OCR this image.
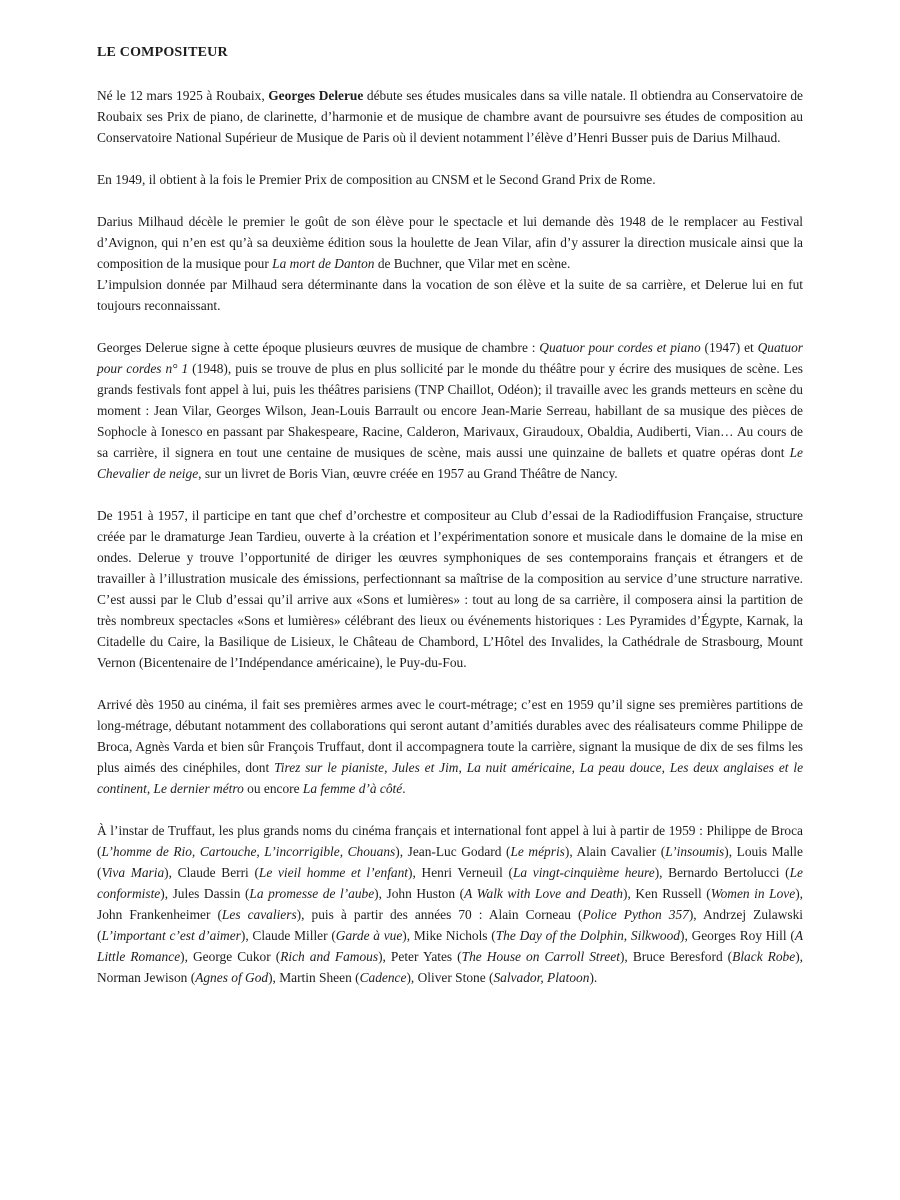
LE COMPOSITEUR

Né le 12 mars 1925 à Roubaix, Georges Delerue débute ses études musicales dans sa ville natale. Il obtiendra au Conservatoire de Roubaix ses Prix de piano, de clarinette, d’harmonie et de musique de chambre avant de poursuivre ses études de composition au Conservatoire National Supérieur de Musique de Paris où il devient notamment l’élève d’Henri Busser puis de Darius Milhaud.

En 1949, il obtient à la fois le Premier Prix de composition au CNSM et le Second Grand Prix de Rome.

Darius Milhaud décèle le premier le goût de son élève pour le spectacle et lui demande dès 1948 de le remplacer au Festival d’Avignon, qui n’en est qu’à sa deuxième édition sous la houlette de Jean Vilar, afin d’y assurer la direction musicale ainsi que la composition de la musique pour La mort de Danton de Buchner, que Vilar met en scène.

L’impulsion donnée par Milhaud sera déterminante dans la vocation de son élève et la suite de sa carrière, et Delerue lui en fut toujours reconnaissant.

Georges Delerue signe à cette époque plusieurs œuvres de musique de chambre : Quatuor pour cordes et piano (1947) et Quatuor pour cordes n° 1 (1948), puis se trouve de plus en plus sollicité par le monde du théâtre pour y écrire des musiques de scène. Les grands festivals font appel à lui, puis les théâtres parisiens (TNP Chaillot, Odéon); il travaille avec les grands metteurs en scène du moment : Jean Vilar, Georges Wilson, Jean-Louis Barrault ou encore Jean-Marie Serreau, habillant de sa musique des pièces de Sophocle à Ionesco en passant par Shakespeare, Racine, Calderon, Marivaux, Giraudoux, Obaldia, Audiberti, Vian… Au cours de sa carrière, il signera en tout une centaine de musiques de scène, mais aussi une quinzaine de ballets et quatre opéras dont Le Chevalier de neige, sur un livret de Boris Vian, œuvre créée en 1957 au Grand Théâtre de Nancy.

De 1951 à 1957, il participe en tant que chef d’orchestre et compositeur au Club d’essai de la Radiodiffusion Française, structure créée par le dramaturge Jean Tardieu, ouverte à la création et l’expérimentation sonore et musicale dans le domaine de la mise en ondes. Delerue y trouve l’opportunité de diriger les œuvres symphoniques de ses contemporains français et étrangers et de travailler à l’illustration musicale des émissions, perfectionnant sa maîtrise de la composition au service d’une structure narrative. C’est aussi par le Club d’essai qu’il arrive aux «Sons et lumières» : tout au long de sa carrière, il composera ainsi la partition de très nombreux spectacles «Sons et lumières» célébrant des lieux ou événements historiques : Les Pyramides d’Égypte, Karnak, la Citadelle du Caire, la Basilique de Lisieux, le Château de Chambord, L’Hôtel des Invalides, la Cathédrale de Strasbourg, Mount Vernon (Bicentenaire de l’Indépendance américaine), le Puy-du-Fou.

Arrivé dès 1950 au cinéma, il fait ses premières armes avec le court-métrage; c’est en 1959 qu’il signe ses premières partitions de long-métrage, débutant notamment des collaborations qui seront autant d’amitiés durables avec des réalisateurs comme Philippe de Broca, Agnès Varda et bien sûr François Truffaut, dont il accompagnera toute la carrière, signant la musique de dix de ses films les plus aimés des cinéphiles, dont Tirez sur le pianiste, Jules et Jim, La nuit américaine, La peau douce, Les deux anglaises et le continent, Le dernier métro ou encore La femme d’à côté.

À l’instar de Truffaut, les plus grands noms du cinéma français et international font appel à lui à partir de 1959 : Philippe de Broca (L’homme de Rio, Cartouche, L’incorrigible, Chouans), Jean-Luc Godard (Le mépris), Alain Cavalier (L’insoumis), Louis Malle (Viva Maria), Claude Berri (Le vieil homme et l’enfant), Henri Verneuil (La vingt-cinquième heure), Bernardo Bertolucci (Le conformiste), Jules Dassin (La promesse de l’aube), John Huston (A Walk with Love and Death), Ken Russell (Women in Love), John Frankenheimer (Les cavaliers), puis à partir des années 70 : Alain Corneau (Police Python 357), Andrzej Zulawski (L’important c’est d’aimer), Claude Miller (Garde à vue), Mike Nichols (The Day of the Dolphin, Silkwood), Georges Roy Hill (A Little Romance), George Cukor (Rich and Famous), Peter Yates (The House on Carroll Street), Bruce Beresford (Black Robe), Norman Jewison (Agnes of God), Martin Sheen (Cadence), Oliver Stone (Salvador, Platoon).
